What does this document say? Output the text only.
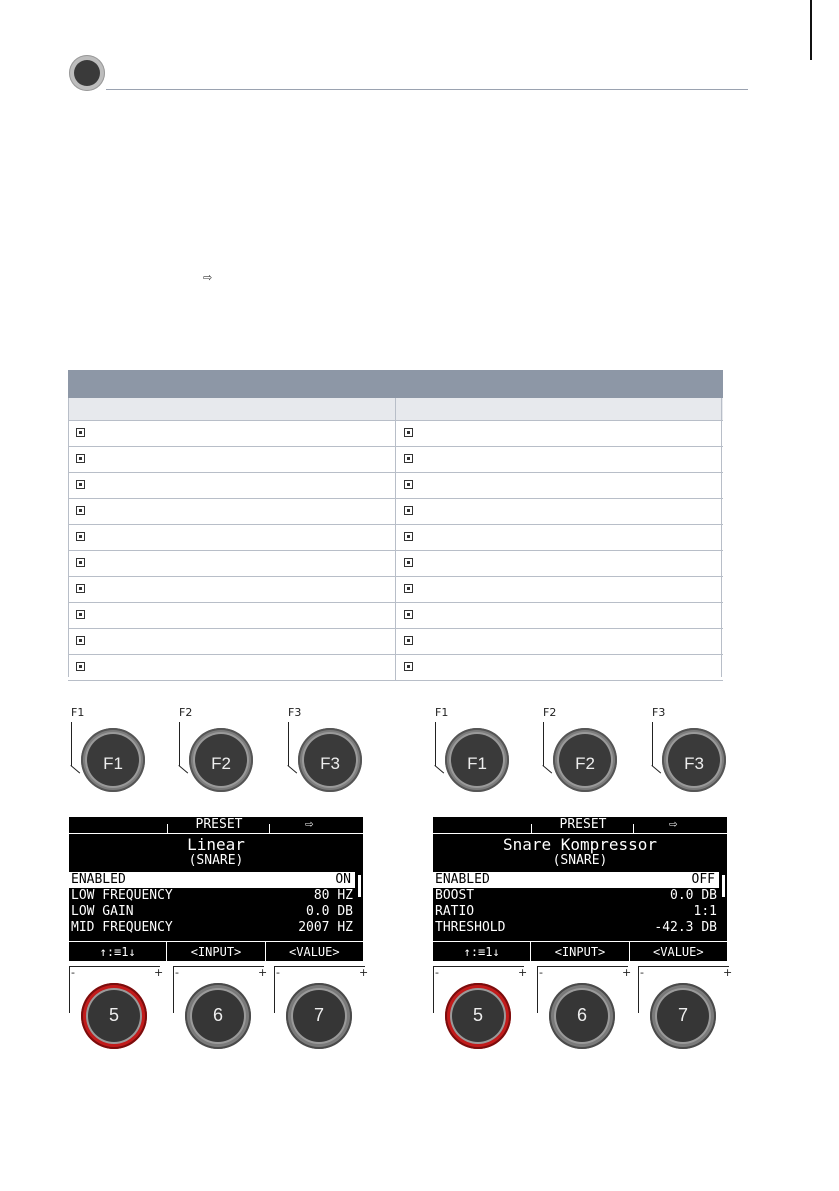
⇨
F1
F1
F2
F2
F3
F3
PRESET	⇨
Linear
(SNARE)
ENABLED	ON
LOW FREQUENCY	80 HZ
LOW GAIN	0.0 DB
MID FREQUENCY	2007 HZ
↑:≡1↓	<INPUT>	<VALUE>
-	+
5
-	+
6
-	+
7
F1
F1
F2
F2
F3
F3
PRESET	⇨
Snare Kompressor
(SNARE)
ENABLED	OFF
BOOST	0.0 DB
RATIO	1:1
THRESHOLD	-42.3 DB
↑:≡1↓	<INPUT>	<VALUE>
-	+
5
-	+
6
-	+
7
